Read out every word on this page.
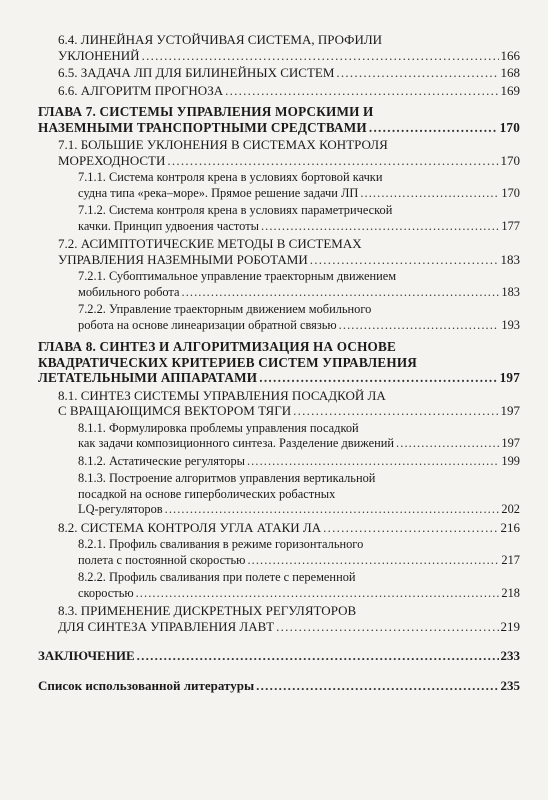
6.4. ЛИНЕЙНАЯ УСТОЙЧИВАЯ СИСТЕМА, ПРОФИЛИ
УКЛОНЕНИЙ . . .	166
6.5. ЗАДАЧА ЛП ДЛЯ БИЛИНЕЙНЫХ СИСТЕМ . . .	168
6.6. АЛГОРИТМ ПРОГНОЗА . . .	169
ГЛАВА 7. СИСТЕМЫ УПРАВЛЕНИЯ МОРСКИМИ И
НАЗЕМНЫМИ ТРАНСПОРТНЫМИ СРЕДСТВАМИ . . .	170
7.1. БОЛЬШИЕ УКЛОНЕНИЯ В СИСТЕМАХ КОНТРОЛЯ
МОРЕХОДНОСТИ . . .	170
7.1.1. Система контроля крена в условиях бортовой качки
судна типа «река–море». Прямое решение задачи ЛП . . .	170
7.1.2. Система контроля крена в условиях параметрической
качки. Принцип удвоения частоты . . .	177
7.2. АСИМПТОТИЧЕСКИЕ МЕТОДЫ В СИСТЕМАХ
УПРАВЛЕНИЯ НАЗЕМНЫМИ РОБОТАМИ . . .	183
7.2.1. Субоптимальное управление траекторным движением
мобильного робота . . .	183
7.2.2. Управление траекторным движением мобильного
робота на основе линеаризации обратной связью . . .	193
ГЛАВА 8. СИНТЕЗ И АЛГОРИТМИЗАЦИЯ НА ОСНОВЕ
КВАДРАТИЧЕСКИХ КРИТЕРИЕВ СИСТЕМ УПРАВЛЕНИЯ
ЛЕТАТЕЛЬНЫМИ АППАРАТАМИ . . .	197
8.1. СИНТЕЗ СИСТЕМЫ УПРАВЛЕНИЯ ПОСАДКОЙ ЛА
С ВРАЩАЮЩИМСЯ ВЕКТОРОМ ТЯГИ . . .	197
8.1.1. Формулировка проблемы управления посадкой
как задачи композиционного синтеза. Разделение движений . . .	197
8.1.2. Астатические регуляторы . . .	199
8.1.3. Построение алгоритмов управления вертикальной
посадкой на основе гиперболических робастных
LQ-регуляторов . . .	202
8.2. СИСТЕМА КОНТРОЛЯ УГЛА АТАКИ ЛА . . .	216
8.2.1. Профиль сваливания в режиме горизонтального
полета с постоянной скоростью . . .	217
8.2.2. Профиль сваливания при полете с переменной
скоростью . . .	218
8.3. ПРИМЕНЕНИЕ ДИСКРЕТНЫХ РЕГУЛЯТОРОВ
ДЛЯ СИНТЕЗА УПРАВЛЕНИЯ ЛАВТ . . .	219
ЗАКЛЮЧЕНИЕ . . .	233
Список использованной литературы . . .	235
